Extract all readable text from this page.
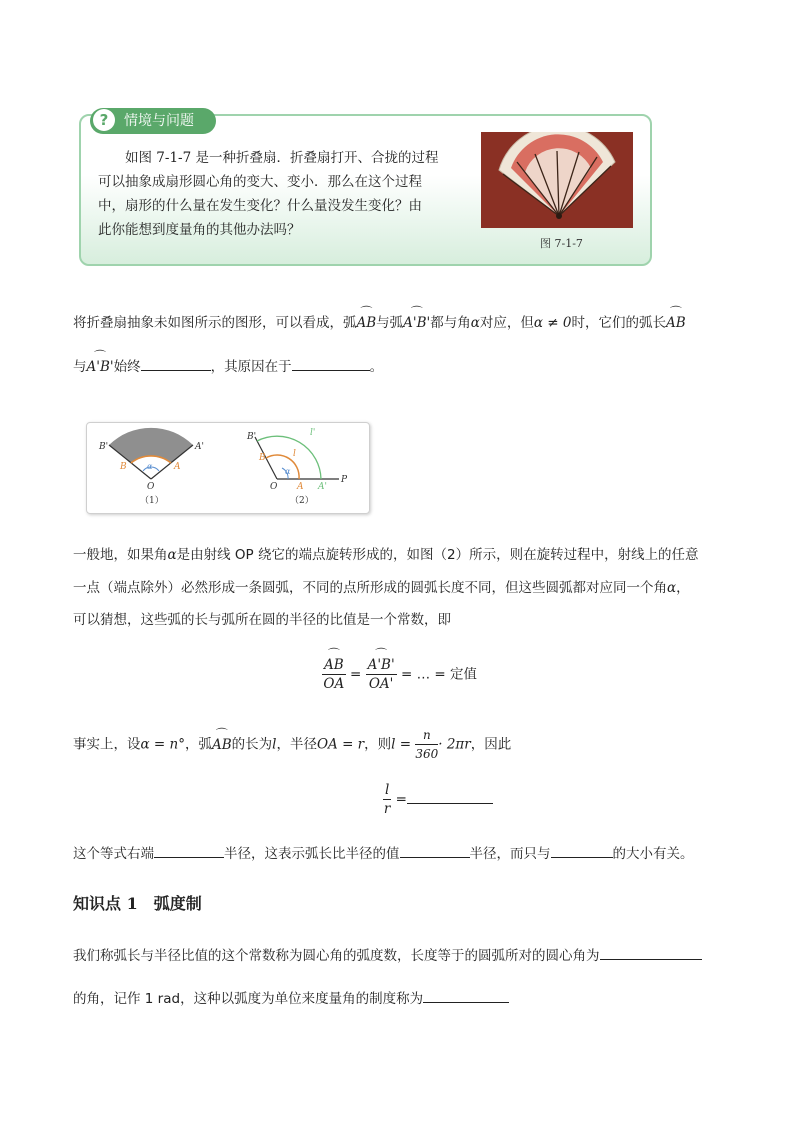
?	情境与问题
　　如图 7-1-7 是一种折叠扇．折叠扇打开、合拢的过程
可以抽象成扇形圆心角的变大、变小．那么在这个过程
中，扇形的什么量在发生变化？什么量没发生变化？由
此你能想到度量角的其他办法吗？
图 7-1-7
将折叠扇抽象未如图所示的图形，可以看成，弧⌒ AB与弧⌒ A'B'都与角α对应，但α ≠ 0时，它们的弧长⌒ AB
与⌒ A'B'始终	，其原因在于	。
B'	A'
B	A
α
O
（1）
B'
B
l'
l
α
O A A'
P
（2）
一般地，如果角α是由射线 OP 绕它的端点旋转形成的，如图（2）所示，则在旋转过程中，射线上的任意
一点（端点除外）必然形成一条圆弧，不同的点所形成的圆弧长度不同，但这些圆弧都对应同一个角α，
可以猜想，这些弧的长与弧所在圆的半径的比值是一个常数，即
⌒ $\frac{AB}{OA}$ =
⌒ $\frac{A'B'}{OA'}$ = … = 定值
事实上，设α = n°，弧⌒ AB的长为l，半径OA = r，则$l = \frac{n}{360} \cdot 2\pi r$，因此
$\frac{l}{r}$ =
这个等式右端	半径，这表示弧长比半径的值	半径，而只与	的大小有关。
知识点 1　弧度制
我们称弧长与半径比值的这个常数称为圆心角的弧度数，长度等于的圆弧所对的圆心角为
的角，记作 1 rad，这种以弧度为单位来度量角的制度称为
